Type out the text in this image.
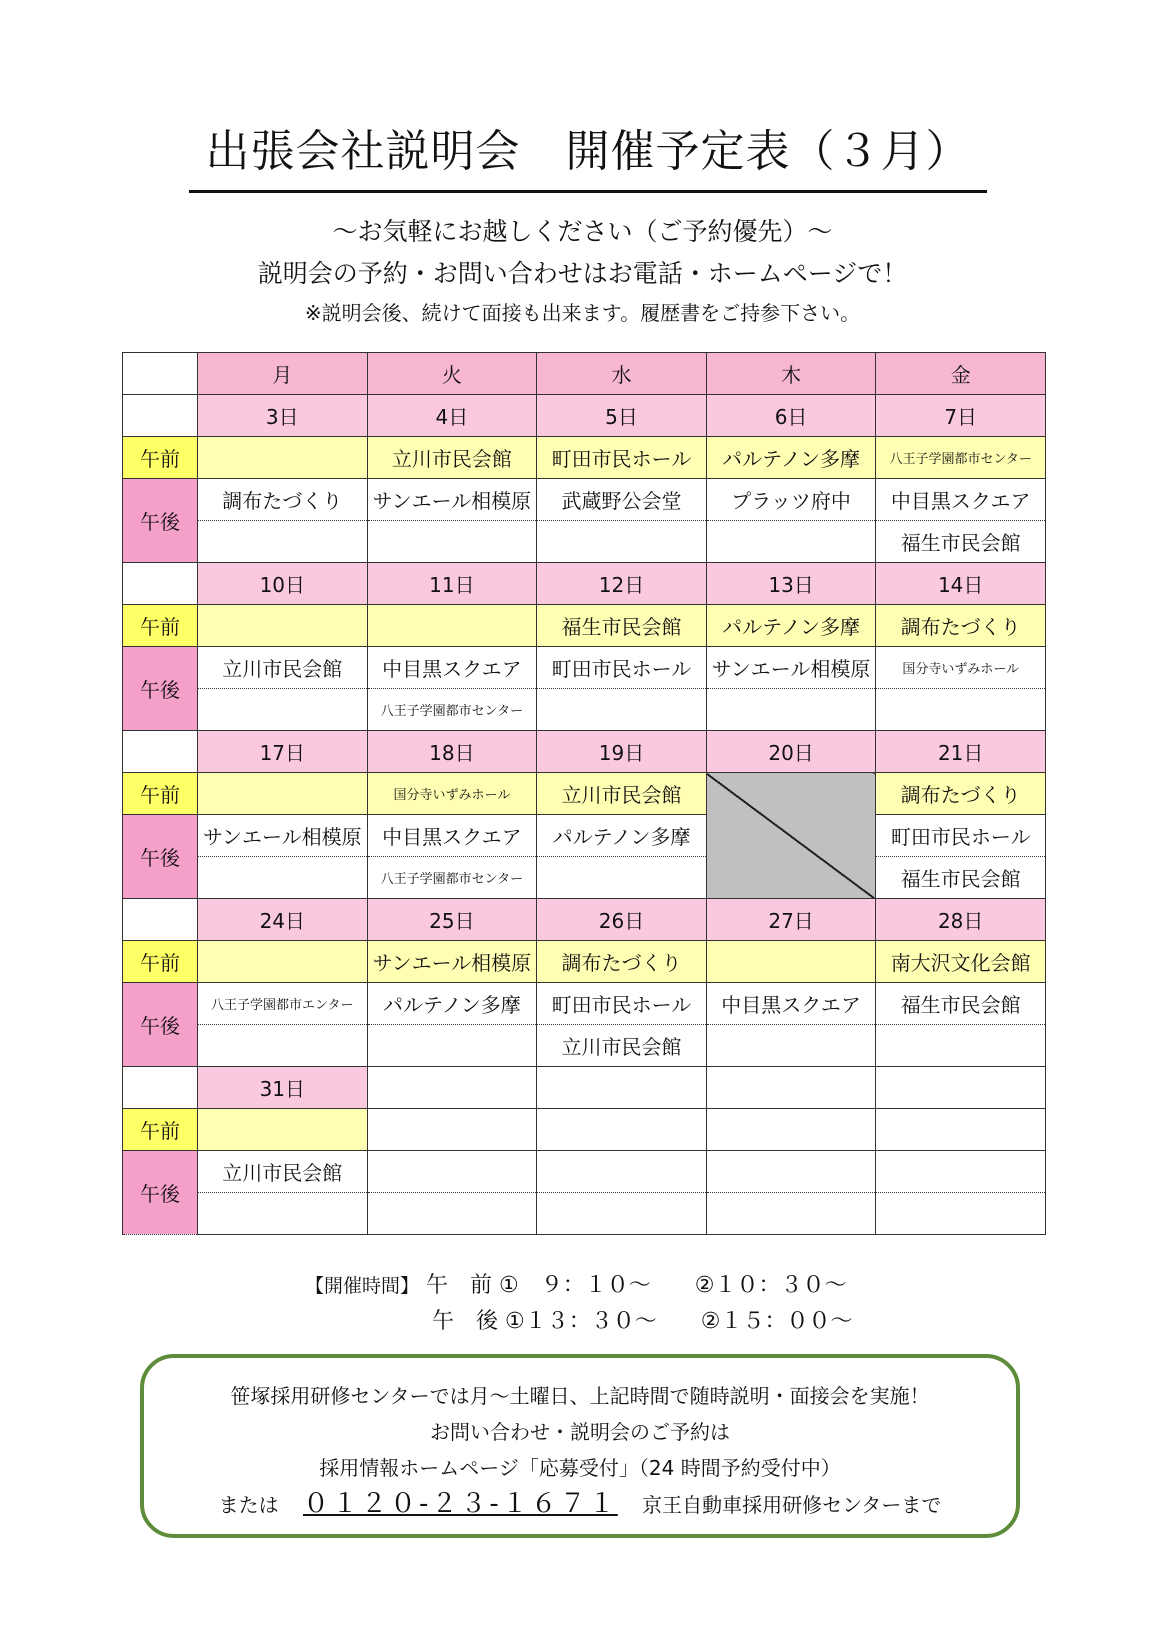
出張会社説明会　開催予定表（３月）
～お気軽にお越しください（ご予約優先）～
説明会の予約・お問い合わせはお電話・ホームページで！
※説明会後、続けて面接も出来ます。履歴書をご持参下さい。
	月	火	水	木	金
	3日	4日	5日	6日	7日
午前		立川市民会館	町田市民ホール	パルテノン多摩	八王子学園都市センター
午後	調布たづくり	サンエール相模原	武蔵野公会堂	プラッツ府中	中目黒スクエア
					福生市民会館
	10日	11日	12日	13日	14日
午前			福生市民会館	パルテノン多摩	調布たづくり
午後	立川市民会館	中目黒スクエア	町田市民ホール	サンエール相模原	国分寺いずみホール
		八王子学園都市センター			
	17日	18日	19日	20日	21日
午前		国分寺いずみホール	立川市民会館		調布たづくり
午後	サンエール相模原	中目黒スクエア	パルテノン多摩		町田市民ホール
		八王子学園都市センター			福生市民会館
	24日	25日	26日	27日	28日
午前		サンエール相模原	調布たづくり		南大沢文化会館
午後	八王子学園都市エンター	パルテノン多摩	町田市民ホール	中目黒スクエア	福生市民会館
			立川市民会館		
	31日				
午前					
午後	立川市民会館				

【開催時間】 午　前 ①　９：１０～　　②１０：３０～
午　後 ①１３：３０～　　②１５：００～
笹塚採用研修センターでは月～土曜日、上記時間で随時説明・面接会を実施！
お問い合わせ・説明会のご予約は
採用情報ホームページ「応募受付」（24 時間予約受付中）
または ０１２０-２３-１６７１ 京王自動車採用研修センターまで
